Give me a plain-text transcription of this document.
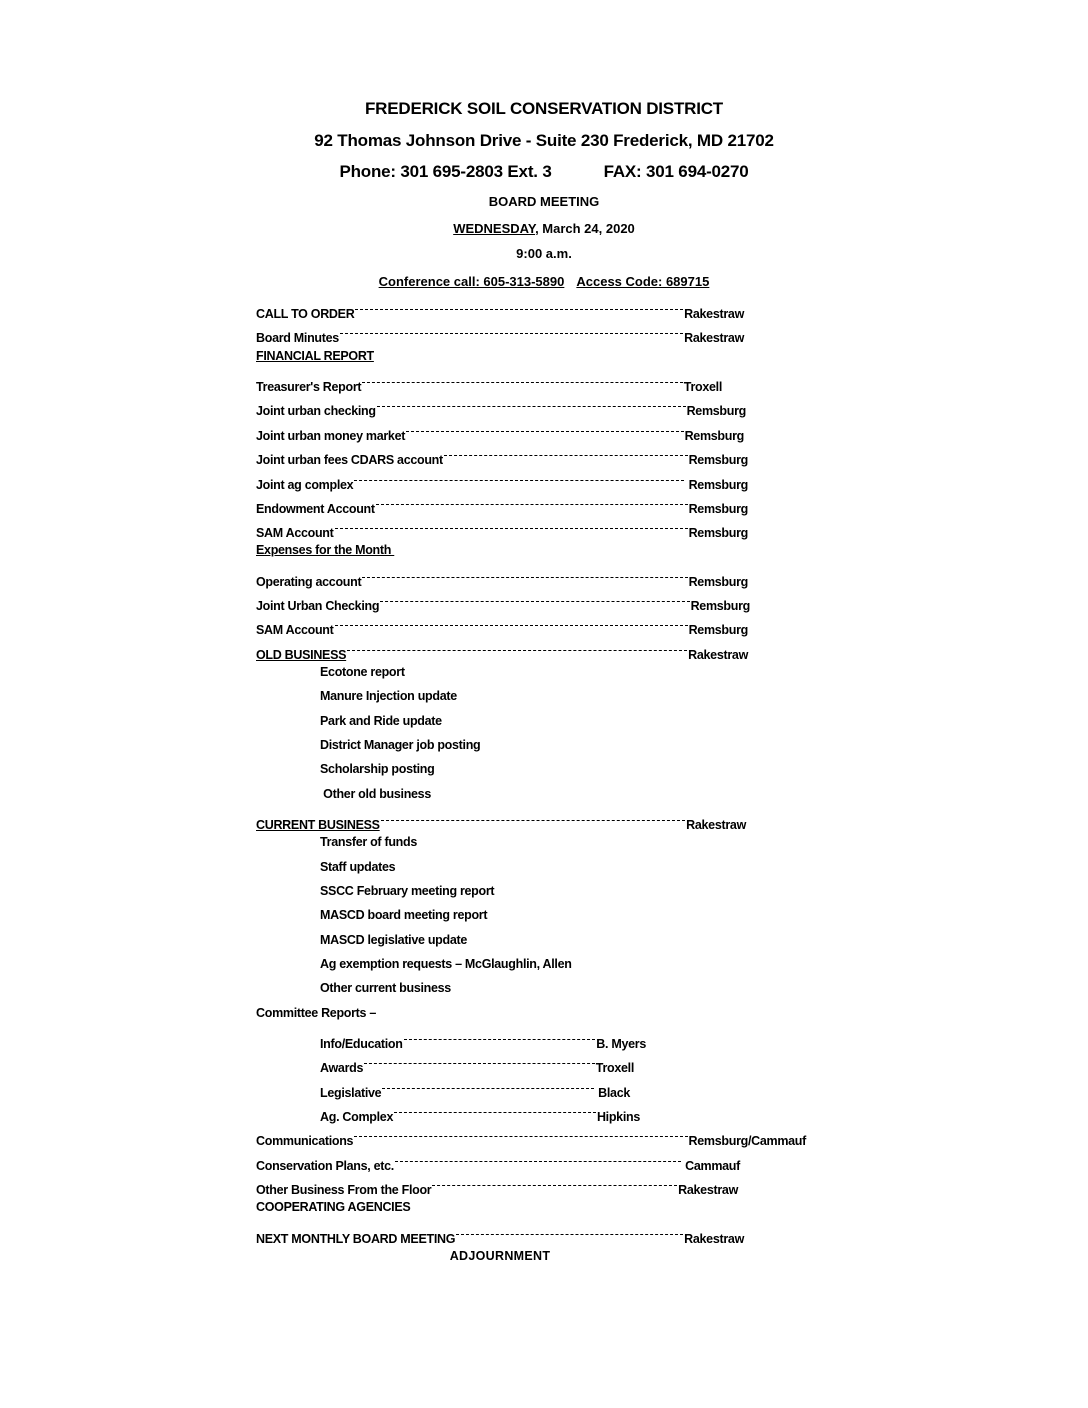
FREDERICK SOIL CONSERVATION DISTRICT
92 Thomas Johnson Drive - Suite 230 Frederick, MD 21702
Phone: 301 695-2803 Ext. 3	FAX: 301 694-0270
BOARD MEETING
WEDNESDAY, March 24, 2020
9:00 a.m.
Conference call: 605-313-5890 Access Code: 689715
CALL TO ORDER	Rakestraw
Board Minutes	Rakestraw
FINANCIAL REPORT
Treasurer's Report	Troxell
Joint urban checking	Remsburg
Joint urban money market	Remsburg
Joint urban fees CDARS account	Remsburg
Joint ag complex	Remsburg
Endowment Account	Remsburg
SAM Account	Remsburg
Expenses for the Month
Operating account	Remsburg
Joint Urban Checking	Remsburg
SAM Account	Remsburg
OLD BUSINESS	Rakestraw
Ecotone report
Manure Injection update
Park and Ride update
District Manager job posting
Scholarship posting
Other old business
CURRENT BUSINESS	Rakestraw
Transfer of funds
Staff updates
SSCC February meeting report
MASCD board meeting report
MASCD legislative update
Ag exemption requests – McGlaughlin, Allen
Other current business
Committee Reports –
Info/Education	B. Myers
Awards	Troxell
Legislative	Black
Ag. Complex	Hipkins
Communications	Remsburg/Cammauf
Conservation Plans, etc.	Cammauf
Other Business From the Floor	Rakestraw
COOPERATING AGENCIES
NEXT MONTHLY BOARD MEETING	Rakestraw
ADJOURNMENT
